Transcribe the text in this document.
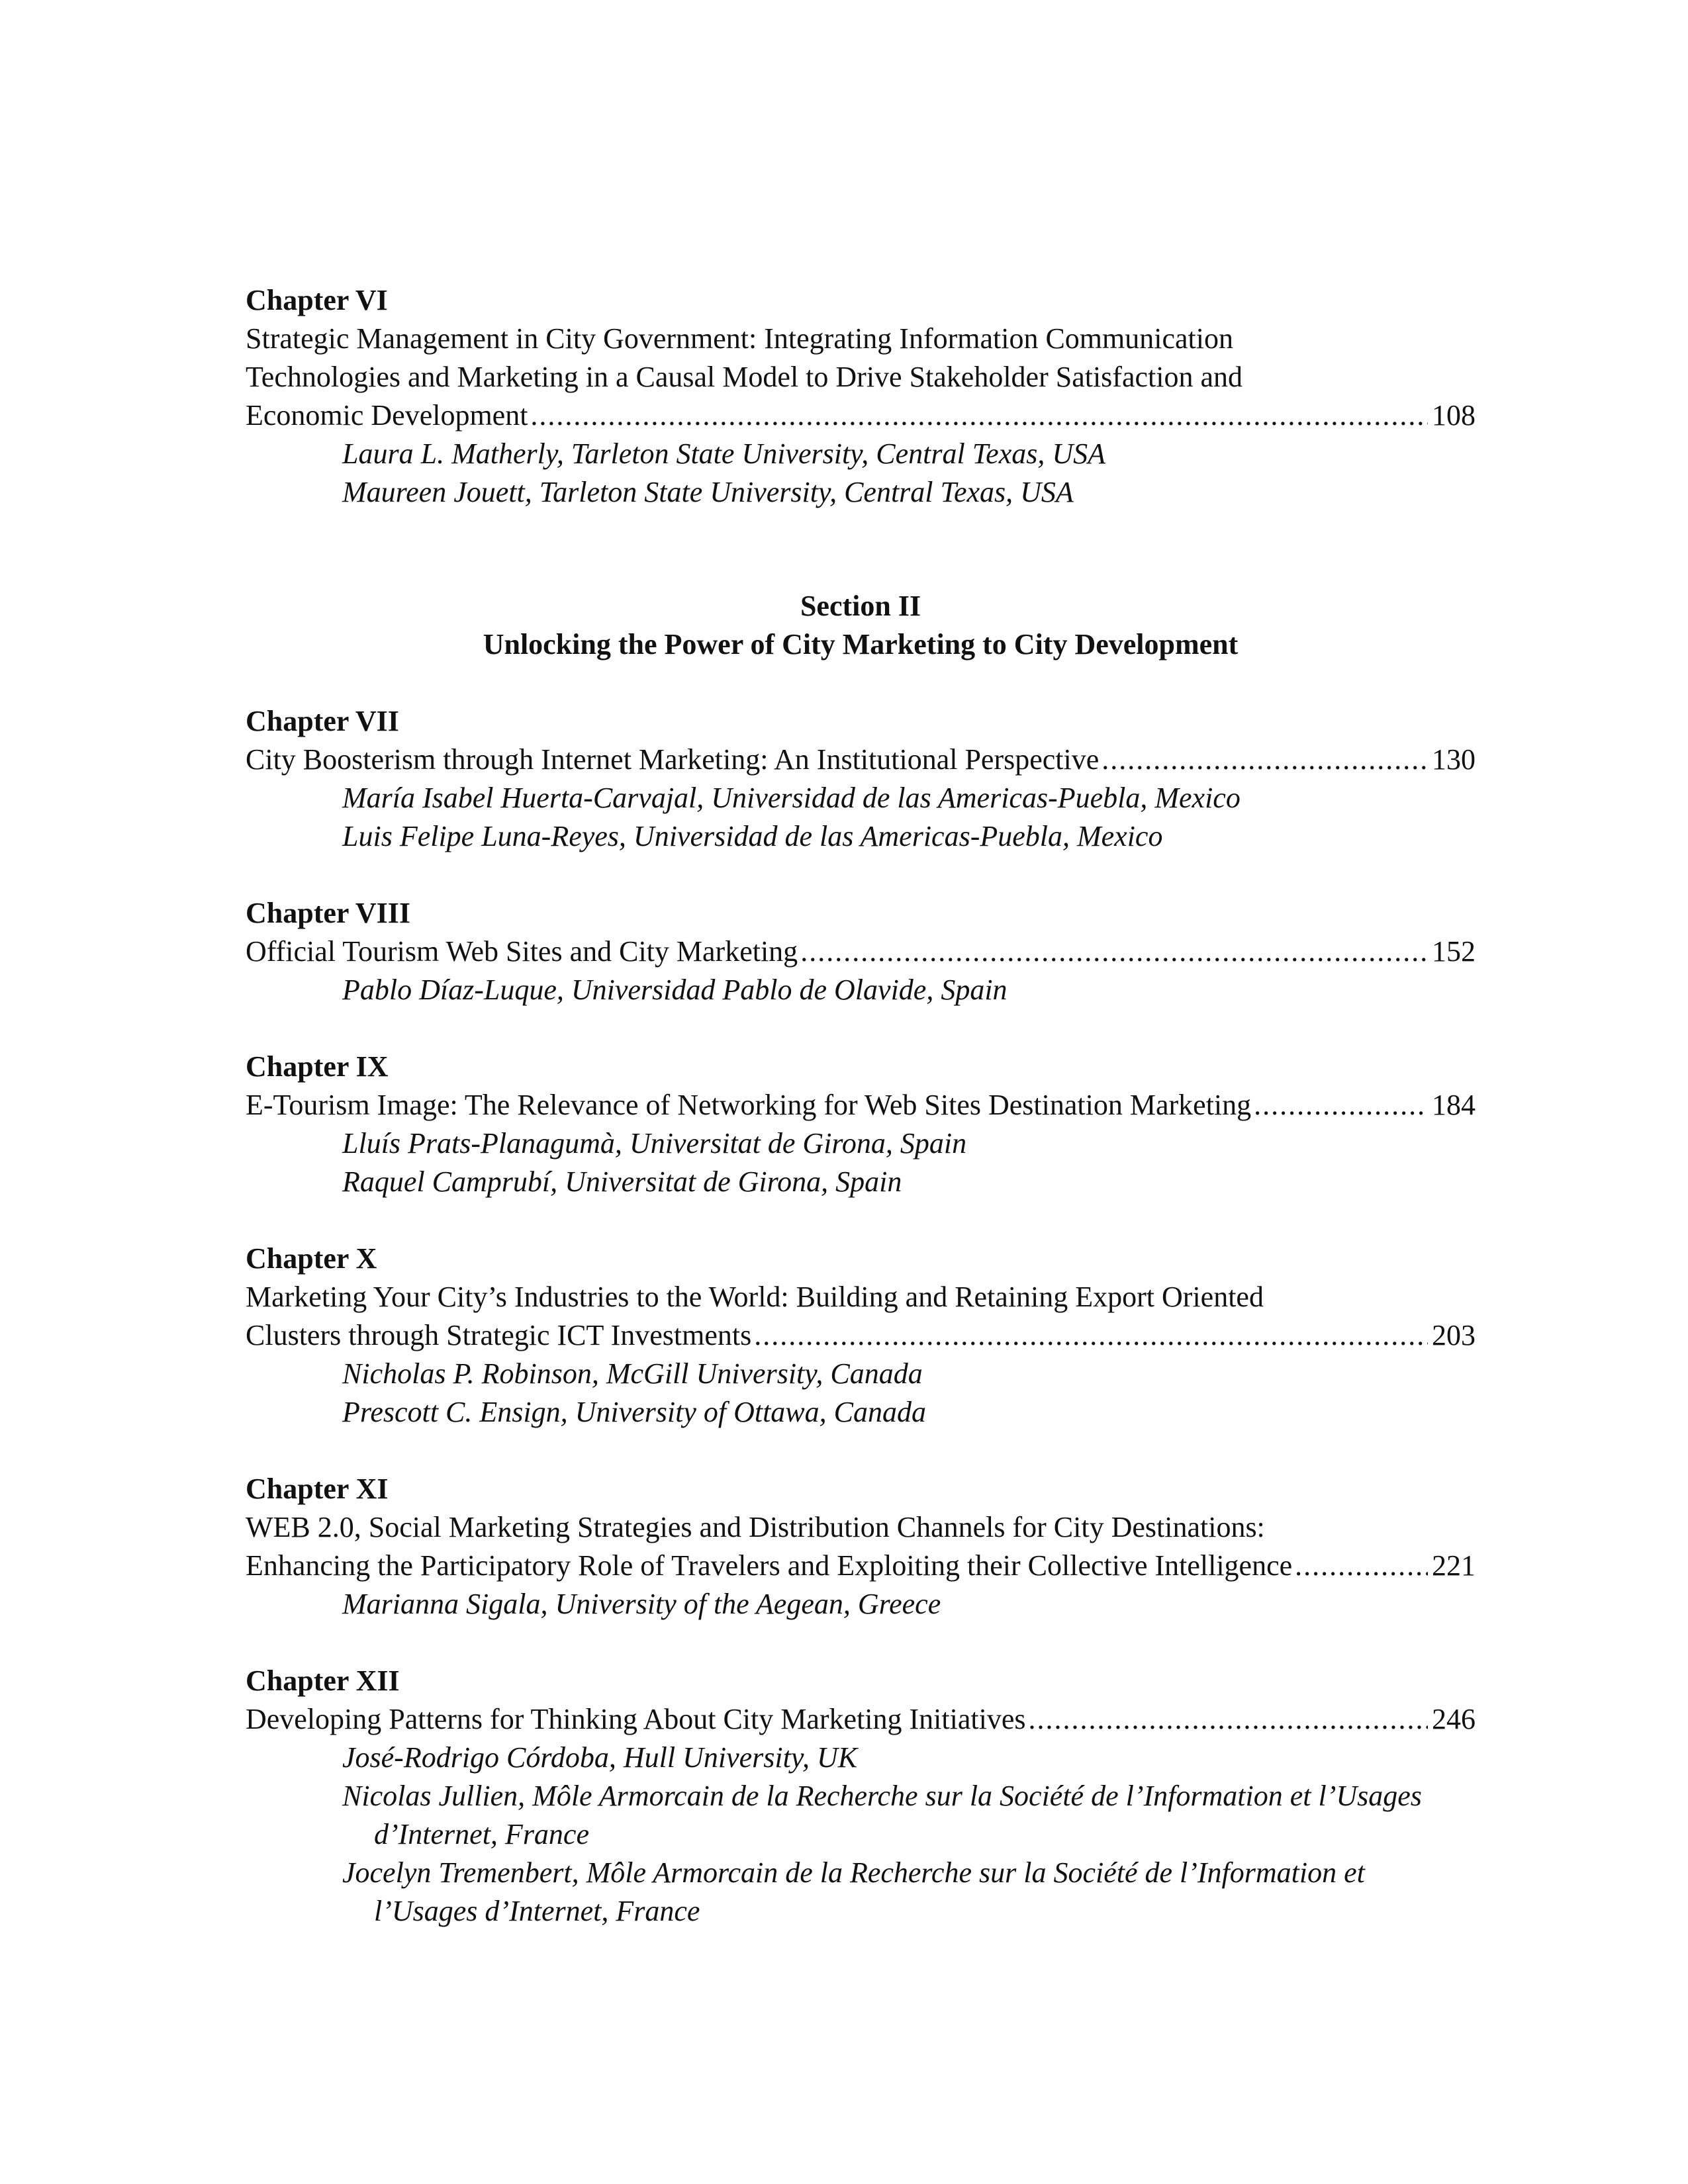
Chapter VI
Strategic Management in City Government: Integrating Information Communication
Technologies and Marketing in a Causal Model to Drive Stakeholder Satisfaction and
Economic Development .....	108
Laura L. Matherly, Tarleton State University, Central Texas, USA
Maureen Jouett, Tarleton State University, Central Texas, USA
Section II
Unlocking the Power of City Marketing to City Development
Chapter VII
City Boosterism through Internet Marketing: An Institutional Perspective .....	130
María Isabel Huerta-Carvajal, Universidad de las Americas-Puebla, Mexico
Luis Felipe Luna-Reyes, Universidad de las Americas-Puebla, Mexico
Chapter VIII
Official Tourism Web Sites and City Marketing .....	152
Pablo Díaz-Luque, Universidad Pablo de Olavide, Spain
Chapter IX
E-Tourism Image: The Relevance of Networking for Web Sites Destination Marketing .....	184
Lluís Prats-Planagumà, Universitat de Girona, Spain
Raquel Camprubí, Universitat de Girona, Spain
Chapter X
Marketing Your City’s Industries to the World: Building and Retaining Export Oriented
Clusters through Strategic ICT Investments .....	203
Nicholas P. Robinson, McGill University, Canada
Prescott C. Ensign, University of Ottawa, Canada
Chapter XI
WEB 2.0, Social Marketing Strategies and Distribution Channels for City Destinations:
Enhancing the Participatory Role of Travelers and Exploiting their Collective Intelligence .....	221
Marianna Sigala, University of the Aegean, Greece
Chapter XII
Developing Patterns for Thinking About City Marketing Initiatives .....	246
José-Rodrigo Córdoba, Hull University, UK
Nicolas Jullien, Môle Armorcain de la Recherche sur la Société de l’Information et l’Usages
d’Internet, France
Jocelyn Tremenbert, Môle Armorcain de la Recherche sur la Société de l’Information et
l’Usages d’Internet, France
